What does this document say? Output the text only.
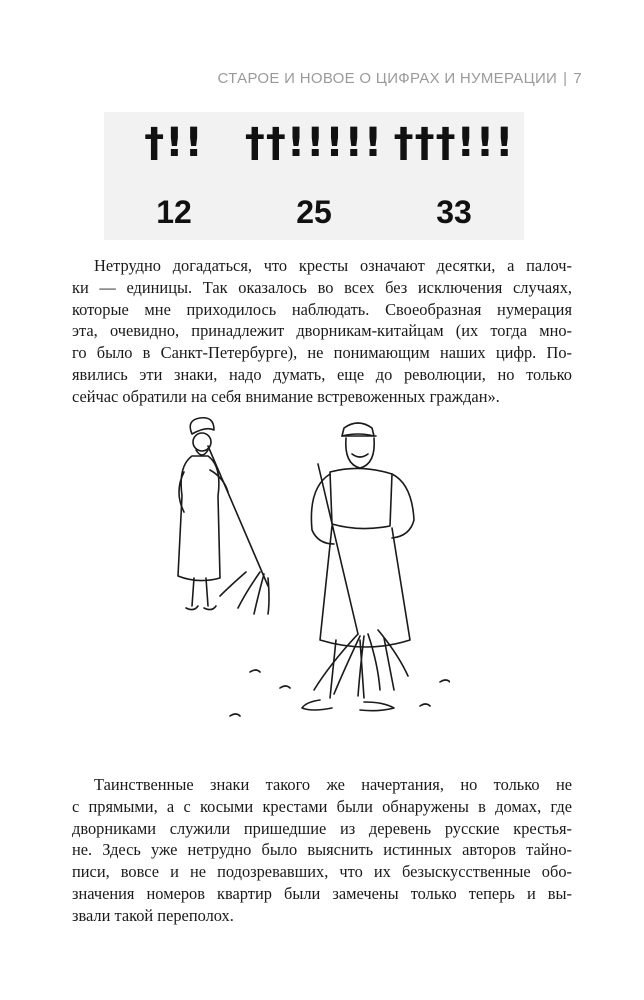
СТАРОЕ И НОВОЕ О ЦИФРАХ И НУМЕРАЦИИ | 7
†!!
12
††!!!!!
25
†††!!!
33
Нетрудно догадаться, что кресты означают десятки, а палоч-
ки — единицы. Так оказалось во всех без исключения случаях,
которые мне приходилось наблюдать. Своеобразная нумерация
эта, очевидно, принадлежит дворникам-китайцам (их тогда мно-
го было в Санкт-Петербурге), не понимающим наших цифр. По-
явились эти знаки, надо думать, еще до революции, но только
сейчас обратили на себя внимание встревоженных граждан».
Таинственные знаки такого же начертания, но только не
с прямыми, а с косыми крестами были обнаружены в домах, где
дворниками служили пришедшие из деревень русские крестья-
не. Здесь уже нетрудно было выяснить истинных авторов тайно-
писи, вовсе и не подозревавших, что их безыскусственные обо-
значения номеров квартир были замечены только теперь и вы-
звали такой переполох.
